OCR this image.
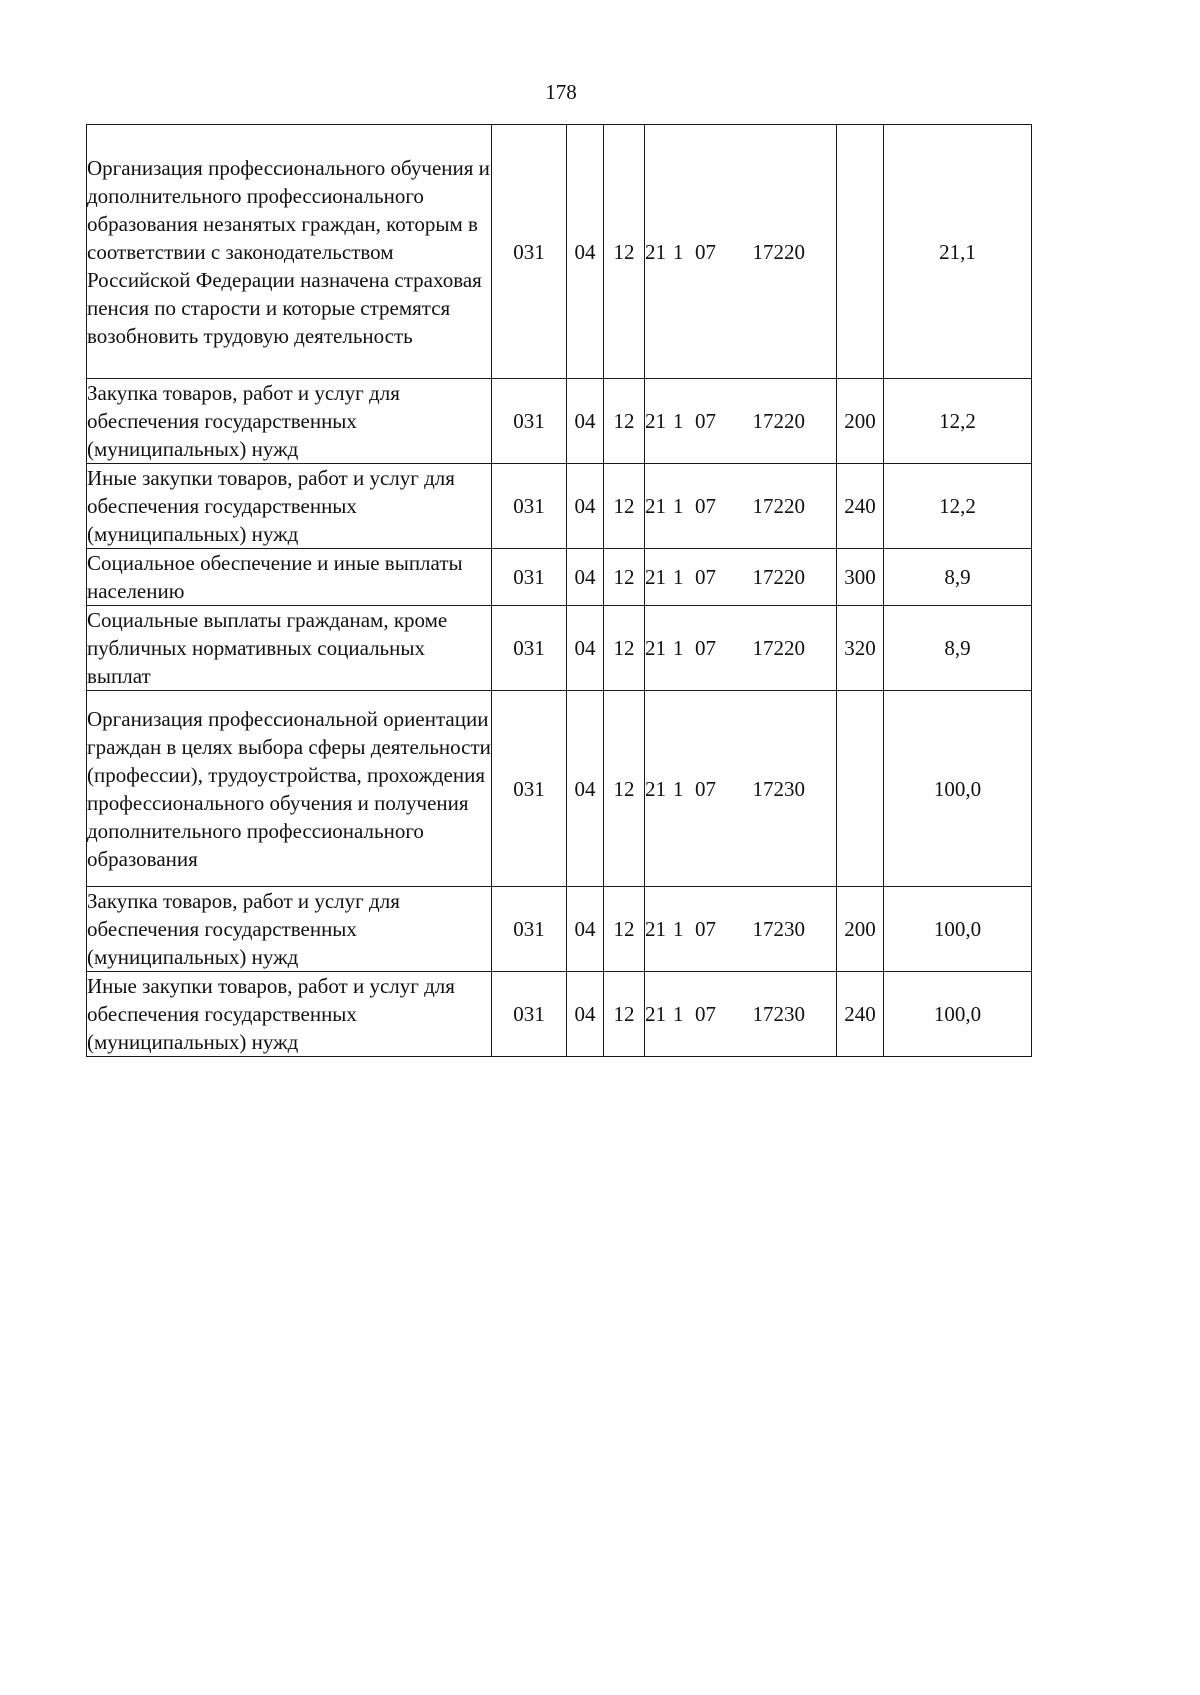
178
Организация профессионального обучения и дополнительного профессионального образования незанятых граждан, которым в соответствии с законодательством Российской Федерации назначена страховая пенсия по старости и которые стремятся возобновить трудовую деятельность	031	04	12	21 1 07 17220		21,1
Закупка товаров, работ и услуг для обеспечения государственных (муниципальных) нужд	031	04	12	21 1 07 17220	200	12,2
Иные закупки товаров, работ и услуг для обеспечения государственных (муниципальных) нужд	031	04	12	21 1 07 17220	240	12,2
Социальное обеспечение и иные выплаты населению	031	04	12	21 1 07 17220	300	8,9
Социальные выплаты гражданам, кроме публичных нормативных социальных выплат	031	04	12	21 1 07 17220	320	8,9
Организация профессиональной ориентации граждан в целях выбора сферы деятельности (профессии), трудоустройства, прохождения профессионального обучения и получения дополнительного профессионального образования	031	04	12	21 1 07 17230		100,0
Закупка товаров, работ и услуг для обеспечения государственных (муниципальных) нужд	031	04	12	21 1 07 17230	200	100,0
Иные закупки товаров, работ и услуг для обеспечения государственных (муниципальных) нужд	031	04	12	21 1 07 17230	240	100,0
